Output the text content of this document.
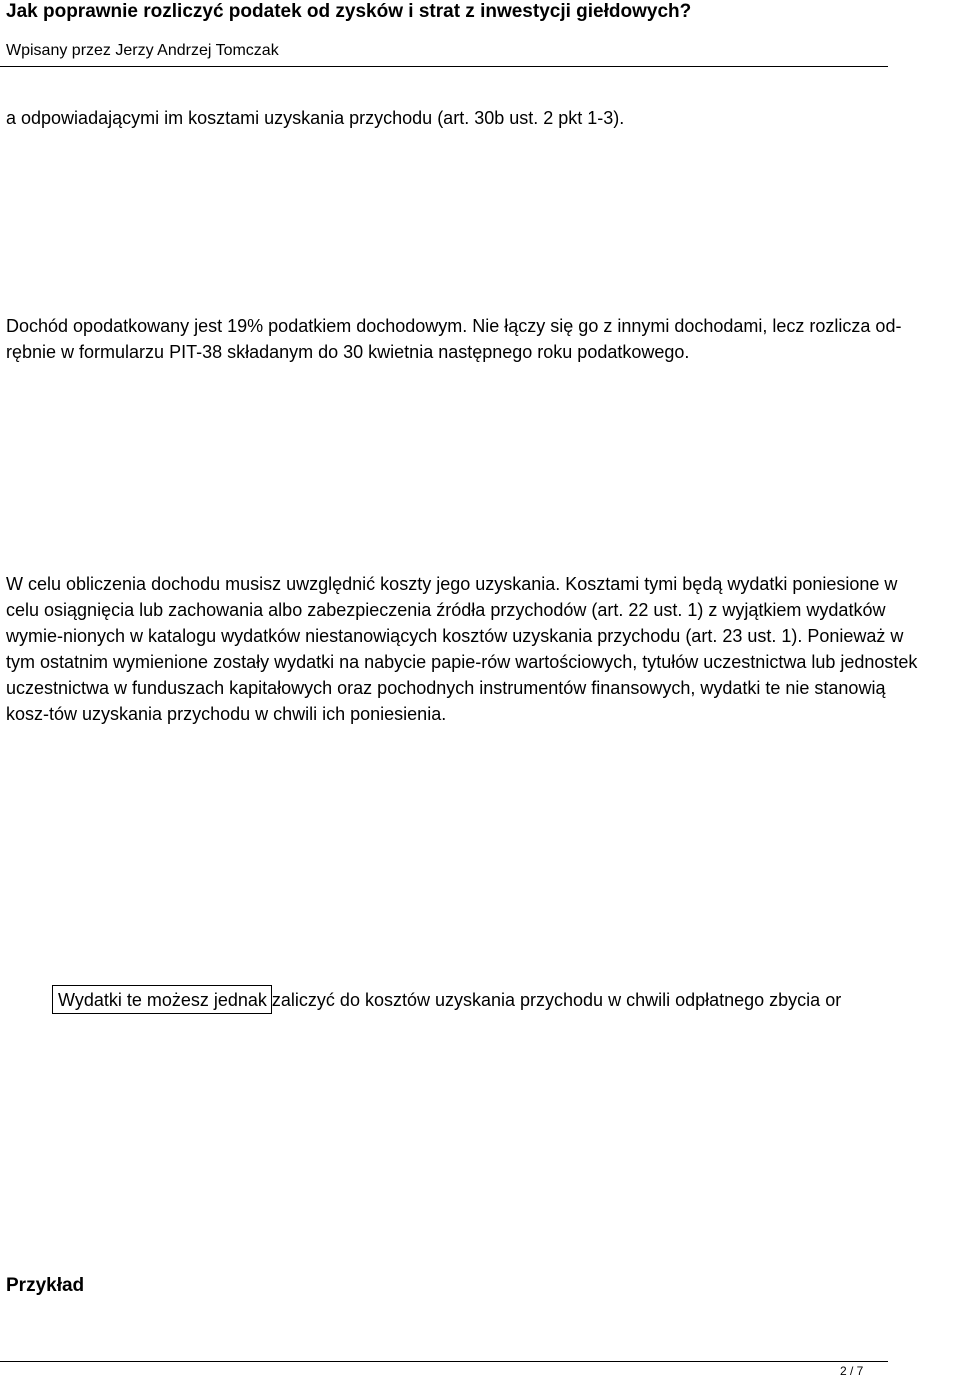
Jak poprawnie rozliczyć podatek od zysków i strat z inwestycji giełdowych?

Wpisany przez Jerzy Andrzej Tomczak

a odpowiadającymi im kosztami uzyskania przychodu (art. 30b ust. 2 pkt 1-3).

Dochód opodatkowany jest 19% podatkiem dochodowym. Nie łączy się go z innymi dochodami, lecz rozlicza od-rębnie w formularzu PIT-38 składanym do 30 kwietnia następnego roku podatkowego.

W celu obliczenia dochodu musisz uwzględnić koszty jego uzyskania. Kosztami tymi będą wydatki poniesione w celu osiągnięcia lub zachowania albo zabezpieczenia źródła przychodów (art. 22 ust. 1) z wyjątkiem wydatków wymie-nionych w katalogu wydatków niestanowiących kosztów uzyskania przychodu (art. 23 ust. 1). Ponieważ w tym ostatnim wymienione zostały wydatki na nabycie papie-rów wartościowych, tytułów uczestnictwa lub jednostek uczestnictwa w funduszach kapitałowych oraz pochodnych instrumentów finansowych, wydatki te nie stanowią kosz-tów uzyskania przychodu w chwili ich poniesienia.

Wydatki te możesz jednak zaliczyć do kosztów uzyskania przychodu w chwili odpłatnego zbycia or

Przykład

2 / 7
